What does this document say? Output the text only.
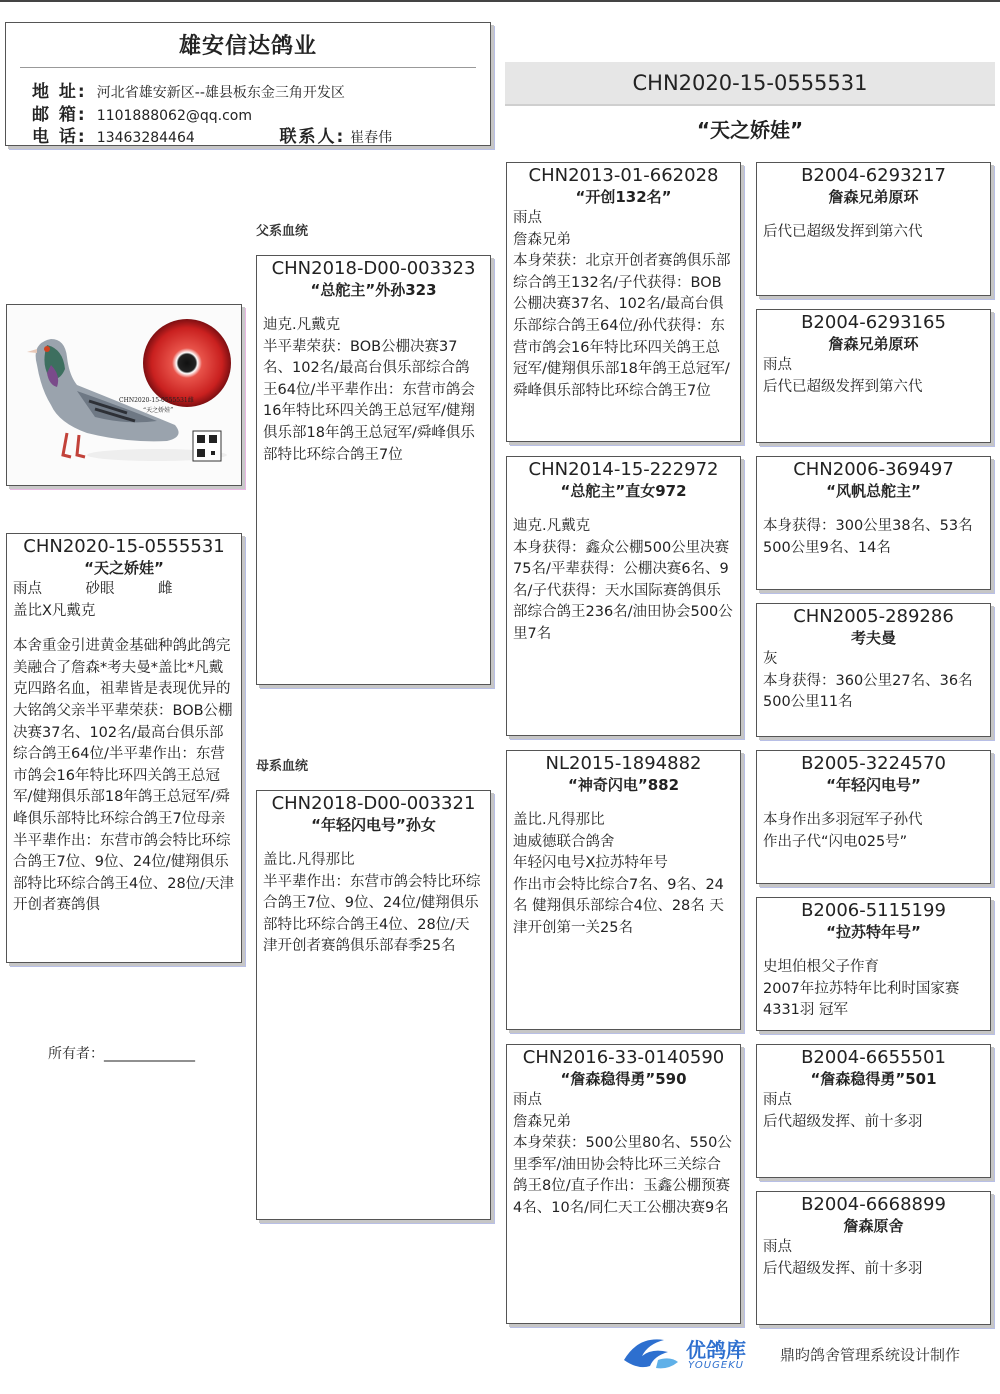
雄安信达鸽业
地 址: 河北省雄安新区--雄县板东金三角开发区
邮 箱: 1101888062@qq.com
电 话: 13463284464	联系人: 崔春伟
CHN2020-15-0555531
“天之娇娃”
父系血统
母系血统
CHN2020-15-0555531雌
“天之娇娃”
CHN2020-15-0555531
“天之娇娃”
雨点　　　砂眼　　　雌
盖比X凡戴克
本舍重金引进黄金基础种鸽此鸽完美融合了詹森*考夫曼*盖比*凡戴克四路名血，祖辈皆是表现优异的大铭鸽父亲半平辈荣获：BOB公棚决赛37名、102名/最高台俱乐部综合鸽王64位/半平辈作出：东营市鸽会16年特比环四关鸽王总冠军/健翔俱乐部18年鸽王总冠军/舜峰俱乐部特比环综合鸽王7位母亲半平辈作出：东营市鸽会特比环综合鸽王7位、9位、24位/健翔俱乐部特比环综合鸽王4位、28位/天津开创者赛鸽俱
CHN2018-D00-003323
“总舵主”外孙323
迪克.凡戴克
半平辈荣获：BOB公棚决赛37名、102名/最高台俱乐部综合鸽王64位/半平辈作出：东营市鸽会16年特比环四关鸽王总冠军/健翔俱乐部18年鸽王总冠军/舜峰俱乐部特比环综合鸽王7位
CHN2018-D00-003321
“年轻闪电号”孙女
盖比.凡得那比
半平辈作出：东营市鸽会特比环综合鸽王7位、9位、24位/健翔俱乐部特比环综合鸽王4位、28位/天津开创者赛鸽俱乐部春季25名
CHN2013-01-662028
“开创132名”
雨点
詹森兄弟
本身荣获：北京开创者赛鸽俱乐部综合鸽王132名/子代获得：BOB公棚决赛37名、102名/最高台俱乐部综合鸽王64位/孙代获得：东营市鸽会16年特比环四关鸽王总冠军/健翔俱乐部18年鸽王总冠军/舜峰俱乐部特比环综合鸽王7位
CHN2014-15-222972
“总舵主”直女972
迪克.凡戴克
本身获得：鑫众公棚500公里决赛75名/平辈获得：公棚决赛6名、9名/子代获得：天水国际赛鸽俱乐部综合鸽王236名/油田协会500公里7名
NL2015-1894882
“神奇闪电”882
盖比.凡得那比
迪威德联合鸽舍
年轻闪电号X拉苏特年号
作出市会特比综合7名、9名、24名 健翔俱乐部综合4位、28名 天津开创第一关25名
CHN2016-33-0140590
“詹森稳得勇”590
雨点
詹森兄弟
本身荣获：500公里80名、550公里季军/油田协会特比环三关综合鸽王8位/直子作出：玉鑫公棚预赛4名、10名/同仁天工公棚决赛9名
B2004-6293217
詹森兄弟原环
后代已超级发挥到第六代
B2004-6293165
詹森兄弟原环
雨点
后代已超级发挥到第六代
CHN2006-369497
“风帆总舵主”
本身获得：300公里38名、53名
500公里9名、14名
CHN2005-289286
考夫曼
灰
本身获得：360公里27名、36名
500公里11名
B2005-3224570
“年轻闪电号”
本身作出多羽冠军子孙代
作出子代“闪电025号”
B2006-5115199
“拉苏特年号”
史坦伯根父子作育
2007年拉苏特年比利时国家赛
4331羽 冠军
B2004-6655501
“詹森稳得勇”501
雨点
后代超级发挥、前十多羽
B2004-6668899
詹森原舍
雨点
后代超级发挥、前十多羽
所有者：_____________
优鸽库
YOUGEKU
鼎昀鸽舍管理系统设计制作
